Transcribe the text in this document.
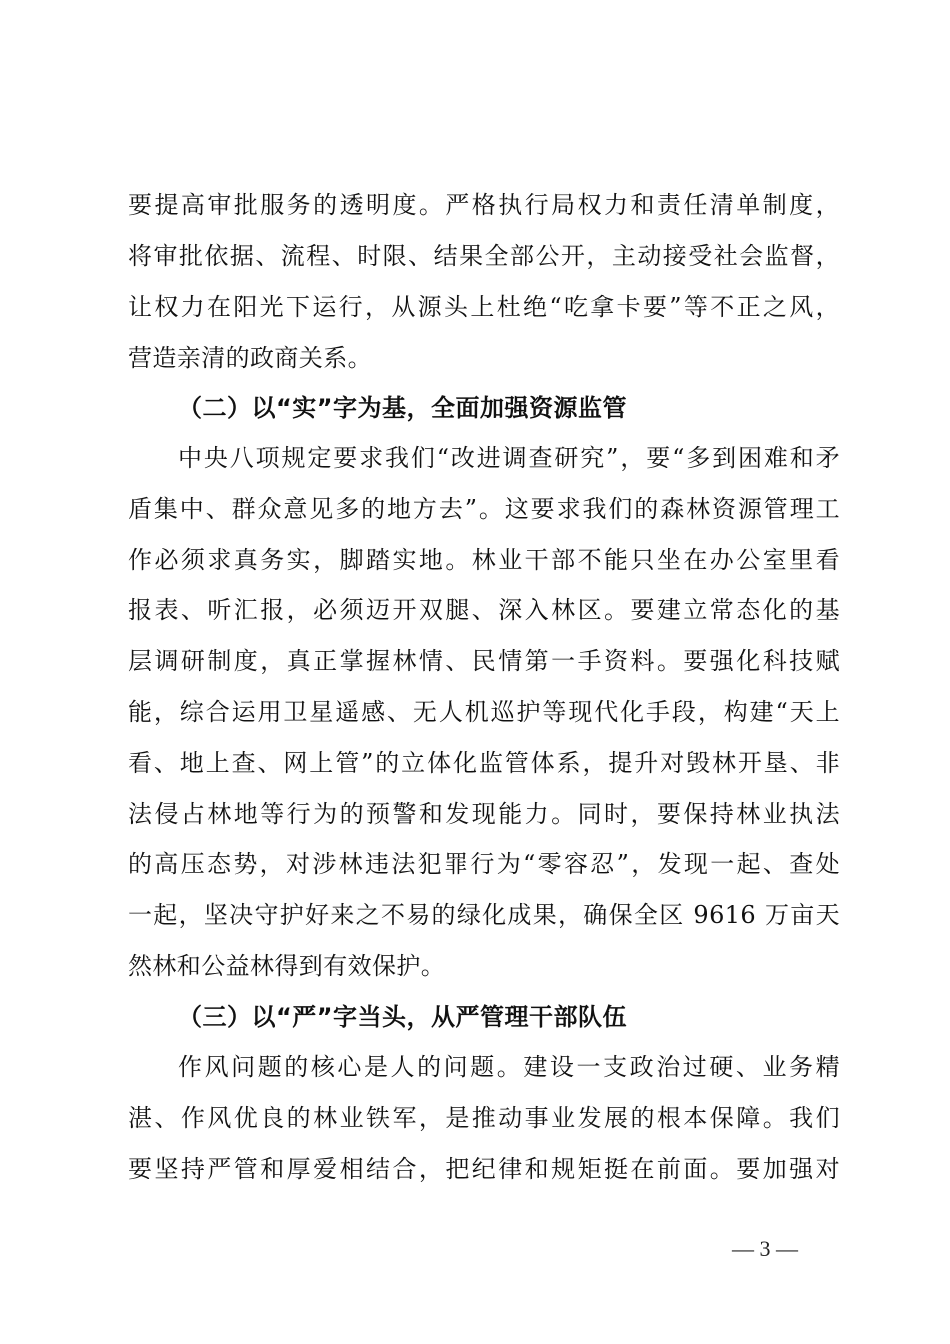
要提高审批服务的透明度。严格执行局权力和责任清单制度，
将审批依据、流程、时限、结果全部公开，主动接受社会监督，
让权力在阳光下运行，从源头上杜绝“吃拿卡要”等不正之风，
营造亲清的政商关系。
（二）以“实”字为基，全面加强资源监管
中央八项规定要求我们“改进调查研究”，要“多到困难和矛
盾集中、群众意见多的地方去”。这要求我们的森林资源管理工
作必须求真务实，脚踏实地。林业干部不能只坐在办公室里看
报表、听汇报，必须迈开双腿、深入林区。要建立常态化的基
层调研制度，真正掌握林情、民情第一手资料。要强化科技赋
能，综合运用卫星遥感、无人机巡护等现代化手段，构建“天上
看、地上查、网上管”的立体化监管体系，提升对毁林开垦、非
法侵占林地等行为的预警和发现能力。同时，要保持林业执法
的高压态势，对涉林违法犯罪行为“零容忍”，发现一起、查处
一起，坚决守护好来之不易的绿化成果，确保全区 9616 万亩天
然林和公益林得到有效保护。
（三）以“严”字当头，从严管理干部队伍
作风问题的核心是人的问题。建设一支政治过硬、业务精
湛、作风优良的林业铁军，是推动事业发展的根本保障。我们
要坚持严管和厚爱相结合，把纪律和规矩挺在前面。要加强对
— 3 —
